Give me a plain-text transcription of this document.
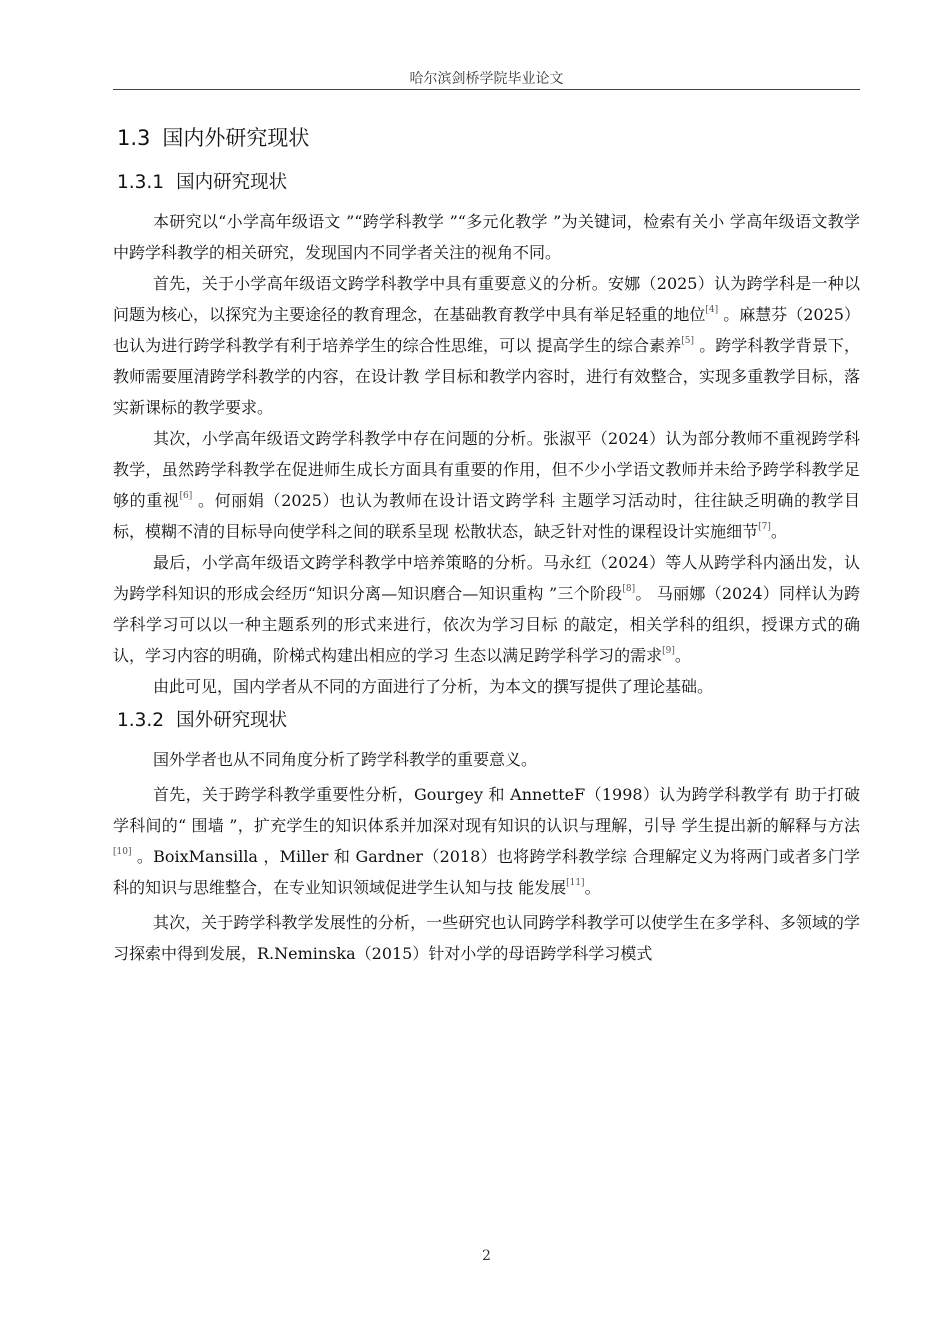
哈尔滨剑桥学院毕业论文
1.3 国内外研究现状
1.3.1 国内研究现状

本研究以“小学高年级语文 ”“跨学科教学 ”“多元化教学 ”为关键词，检索有关小 学高年级语文教学中跨学科教学的相关研究，发现国内不同学者关注的视角不同。

首先，关于小学高年级语文跨学科教学中具有重要意义的分析。安娜（2025）认为跨学科是一种以问题为核心，以探究为主要途径的教育理念，在基础教育教学中具有举足轻重的地位[4] 。麻慧芬（2025）也认为进行跨学科教学有利于培养学生的综合性思维，可以 提高学生的综合素养[5] 。跨学科教学背景下，教师需要厘清跨学科教学的内容，在设计教 学目标和教学内容时，进行有效整合，实现多重教学目标，落实新课标的教学要求。

其次，小学高年级语文跨学科教学中存在问题的分析。张淑平（2024）认为部分教师不重视跨学科教学，虽然跨学科教学在促进师生成长方面具有重要的作用，但不少小学语文教师并未给予跨学科教学足够的重视[6] 。何丽娟（2025）也认为教师在设计语文跨学科 主题学习活动时，往往缺乏明确的教学目标，模糊不清的目标导向使学科之间的联系呈现 松散状态，缺乏针对性的课程设计实施细节[7]。

最后，小学高年级语文跨学科教学中培养策略的分析。马永红（2024）等人从跨学科内涵出发，认为跨学科知识的形成会经历“知识分离—知识磨合—知识重构 ”三个阶段[8]。 马丽娜（2024）同样认为跨学科学习可以以一种主题系列的形式来进行，依次为学习目标 的敲定，相关学科的组织，授课方式的确认，学习内容的明确，阶梯式构建出相应的学习 生态以满足跨学科学习的需求[9]。

由此可见，国内学者从不同的方面进行了分析，为本文的撰写提供了理论基础。

1.3.2 国外研究现状

国外学者也从不同角度分析了跨学科教学的重要意义。

首先，关于跨学科教学重要性分析，Gourgey 和 AnnetteF（1998）认为跨学科教学有 助于打破学科间的“ 围墙 ”，扩充学生的知识体系并加深对现有知识的认识与理解，引导 学生提出新的解释与方法[10] 。BoixMansilla ，Miller 和 Gardner（2018）也将跨学科教学综 合理解定义为将两门或者多门学科的知识与思维整合，在专业知识领域促进学生认知与技 能发展[11]。

其次，关于跨学科教学发展性的分析，一些研究也认同跨学科教学可以使学生在多学科、多领域的学习探索中得到发展，R.Neminska（2015）针对小学的母语跨学科学习模式

2
